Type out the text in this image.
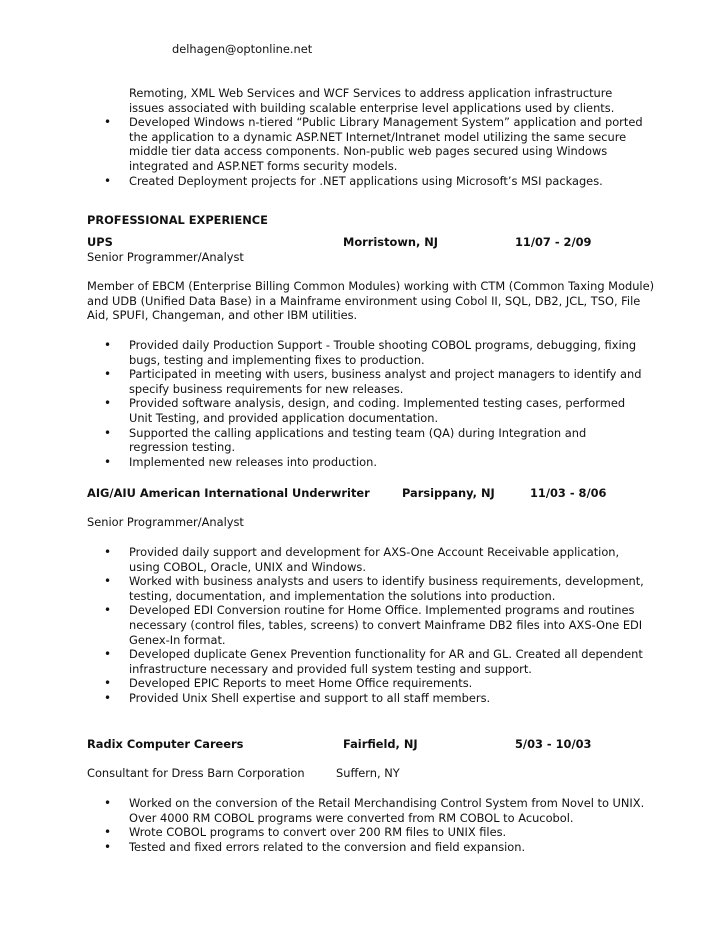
delhagen@optonline.net
Remoting, XML Web Services and WCF Services to address application infrastructure issues associated with building scalable enterprise level applications used by clients.
• Developed Windows n-tiered “Public Library Management System” application and ported the application to a dynamic ASP.NET Internet/Intranet model utilizing the same secure middle tier data access components. Non-public web pages secured using Windows integrated and ASP.NET forms security models.
• Created Deployment projects for .NET applications using Microsoft’s MSI packages.
PROFESSIONAL EXPERIENCE
UPS	Morristown, NJ	11/07 - 2/09
Senior Programmer/Analyst
Member of EBCM (Enterprise Billing Common Modules) working with CTM (Common Taxing Module) and UDB (Unified Data Base) in a Mainframe environment using Cobol II, SQL, DB2, JCL, TSO, File Aid, SPUFI, Changeman, and other IBM utilities.
• Provided daily Production Support - Trouble shooting COBOL programs, debugging, fixing bugs, testing and implementing fixes to production.
• Participated in meeting with users, business analyst and project managers to identify and specify business requirements for new releases.
• Provided software analysis, design, and coding. Implemented testing cases, performed Unit Testing, and provided application documentation.
• Supported the calling applications and testing team (QA) during Integration and regression testing.
• Implemented new releases into production.
AIG/AIU American International Underwriter	Parsippany, NJ	11/03 - 8/06
Senior Programmer/Analyst
• Provided daily support and development for AXS-One Account Receivable application, using COBOL, Oracle, UNIX and Windows.
• Worked with business analysts and users to identify business requirements, development, testing, documentation, and implementation the solutions into production.
• Developed EDI Conversion routine for Home Office. Implemented programs and routines necessary (control files, tables, screens) to convert Mainframe DB2 files into AXS-One EDI Genex-In format.
• Developed duplicate Genex Prevention functionality for AR and GL. Created all dependent infrastructure necessary and provided full system testing and support.
• Developed EPIC Reports to meet Home Office requirements.
• Provided Unix Shell expertise and support to all staff members.
Radix Computer Careers	Fairfield, NJ	5/03 - 10/03
Consultant for Dress Barn Corporation	Suffern, NY
• Worked on the conversion of the Retail Merchandising Control System from Novel to UNIX. Over 4000 RM COBOL programs were converted from RM COBOL to Acucobol.
• Wrote COBOL programs to convert over 200 RM files to UNIX files.
• Tested and fixed errors related to the conversion and field expansion.
